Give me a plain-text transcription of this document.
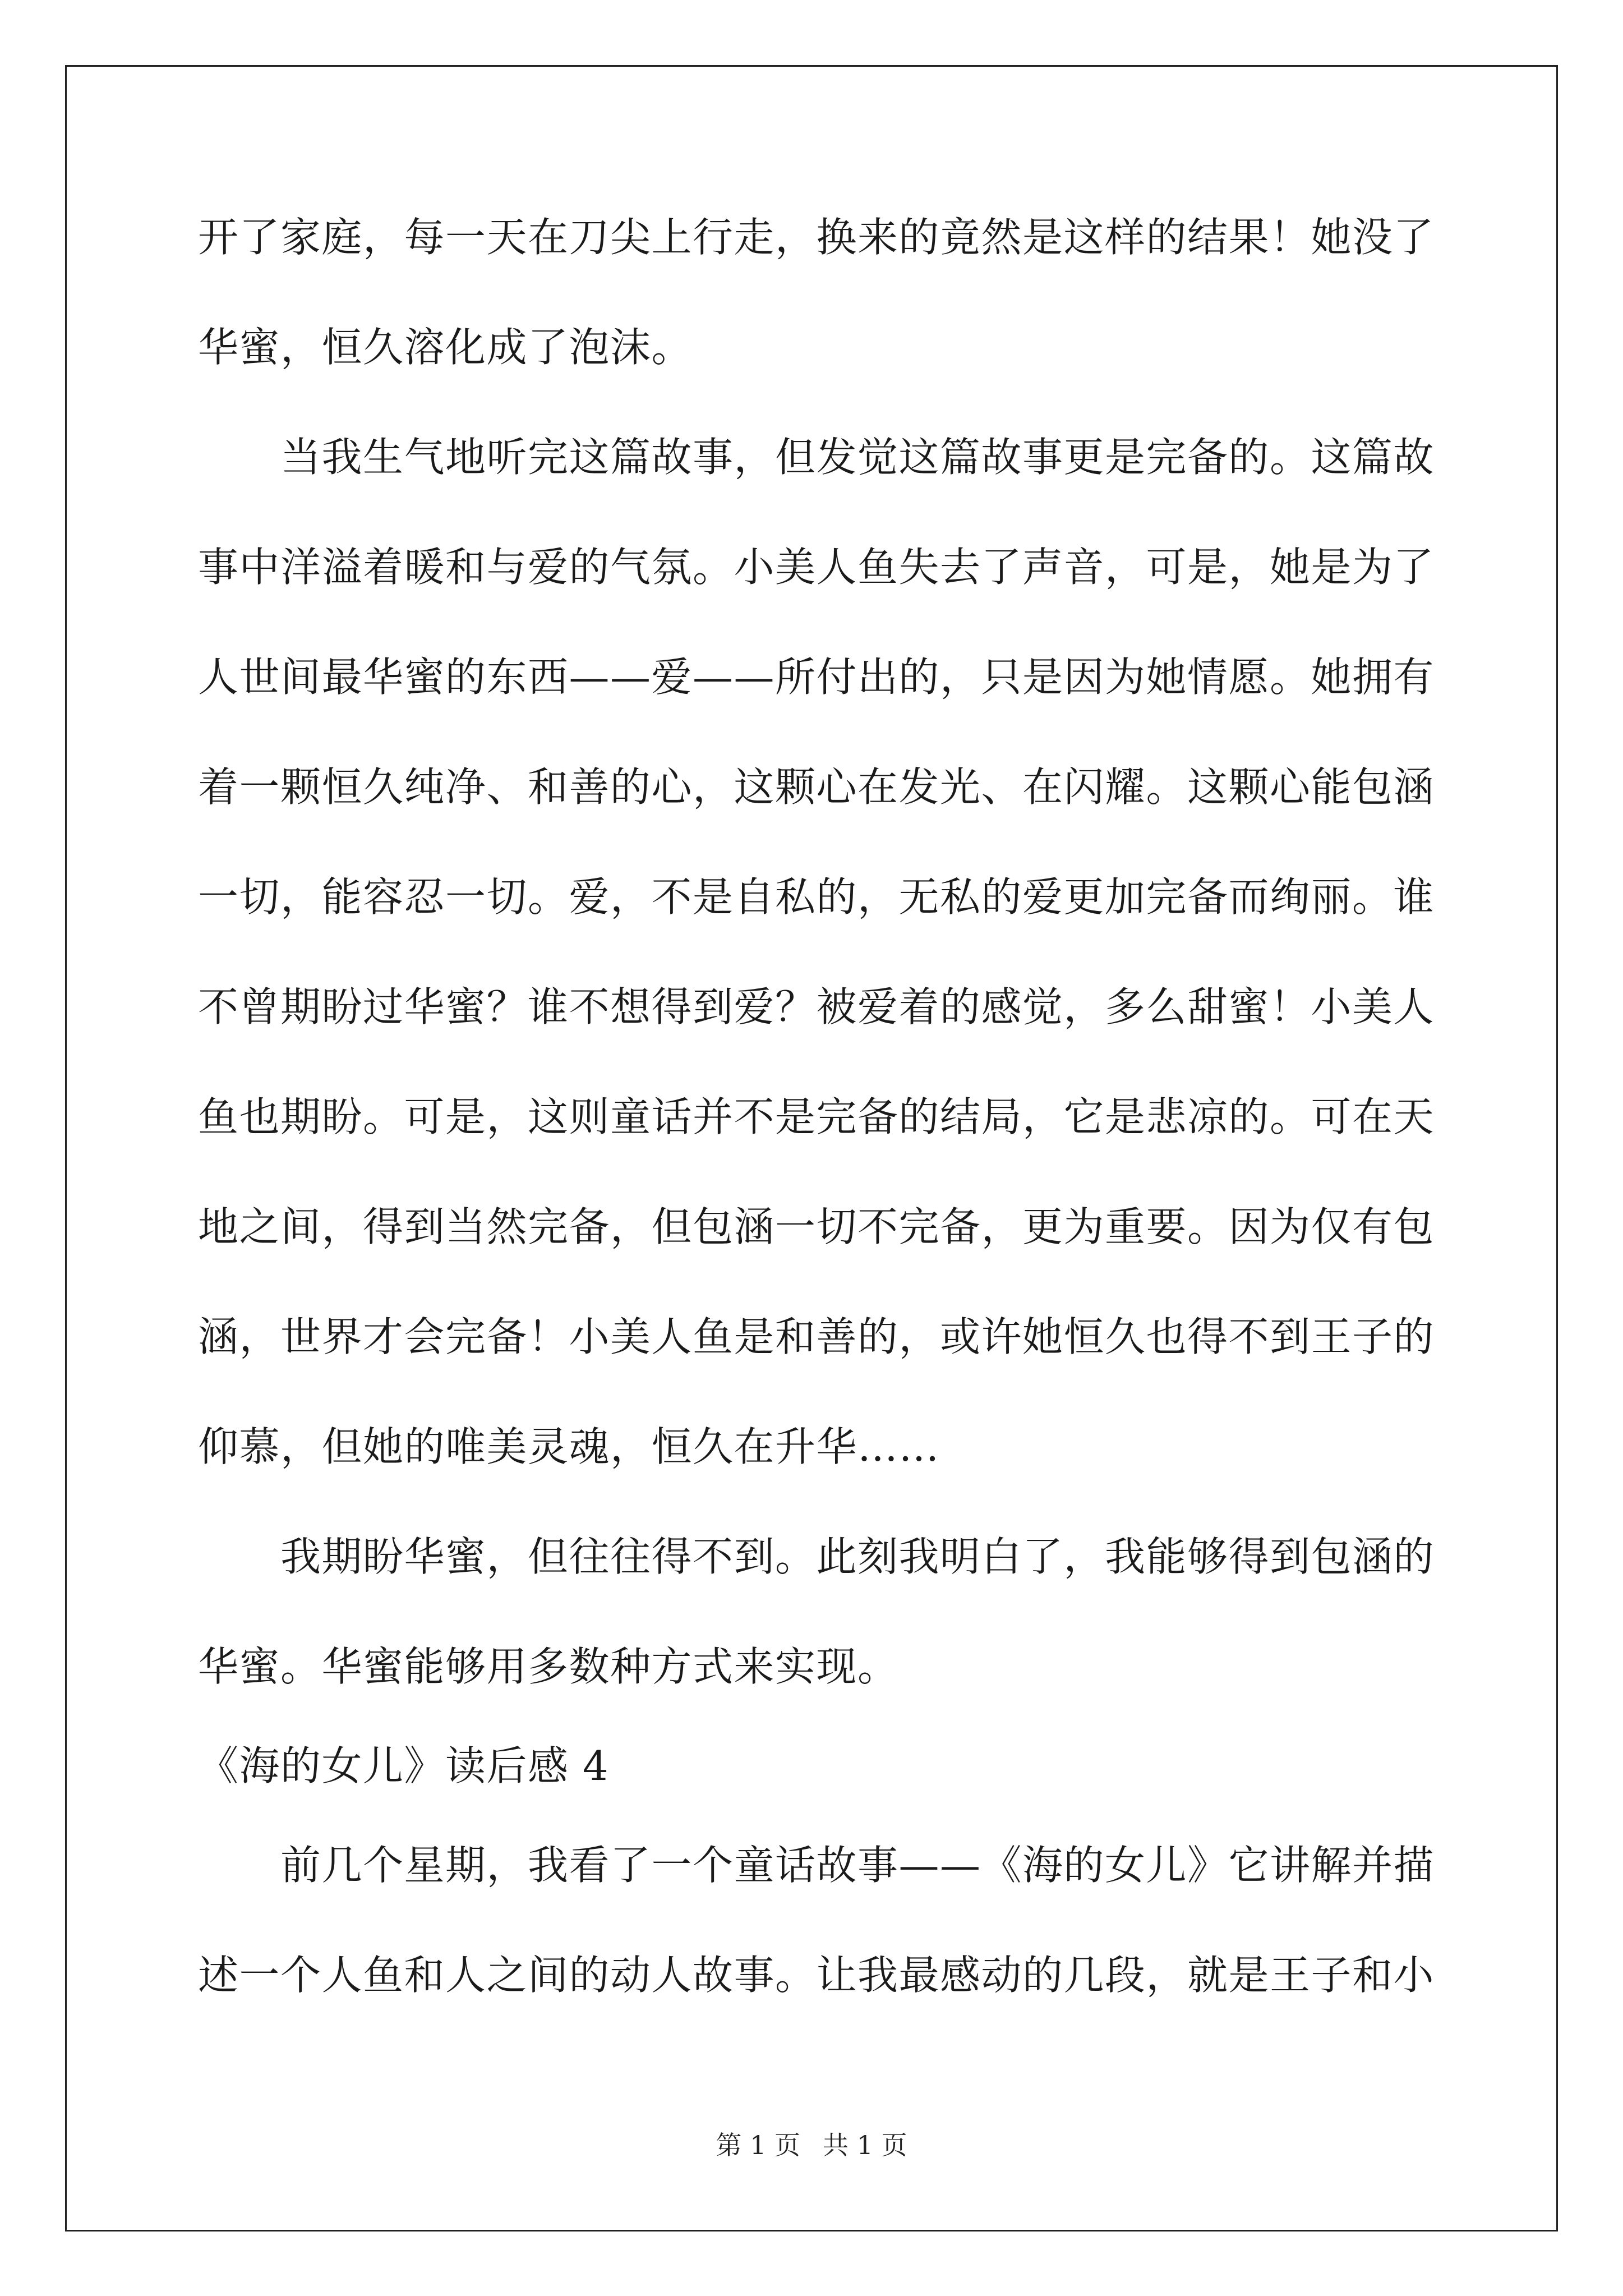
开了家庭，每一天在刀尖上行走，换来的竟然是这样的结果！她没了
华蜜，恒久溶化成了泡沫。
　　当我生气地听完这篇故事，但发觉这篇故事更是完备的。这篇故
事中洋溢着暖和与爱的气氛。小美人鱼失去了声音，可是，她是为了
人世间最华蜜的东西——爱——所付出的，只是因为她情愿。她拥有
着一颗恒久纯净、和善的心，这颗心在发光、在闪耀。这颗心能包涵
一切，能容忍一切。爱，不是自私的，无私的爱更加完备而绚丽。谁
不曾期盼过华蜜？谁不想得到爱？被爱着的感觉，多么甜蜜！小美人
鱼也期盼。可是，这则童话并不是完备的结局，它是悲凉的。可在天
地之间，得到当然完备，但包涵一切不完备，更为重要。因为仅有包
涵，世界才会完备！小美人鱼是和善的，或许她恒久也得不到王子的
仰慕，但她的唯美灵魂，恒久在升华……
　　我期盼华蜜，但往往得不到。此刻我明白了，我能够得到包涵的
华蜜。华蜜能够用多数种方式来实现。
《海的女儿》读后感 4
　　前几个星期，我看了一个童话故事——《海的女儿》它讲解并描
述一个人鱼和人之间的动人故事。让我最感动的几段，就是王子和小
第 1 页 共 1 页
